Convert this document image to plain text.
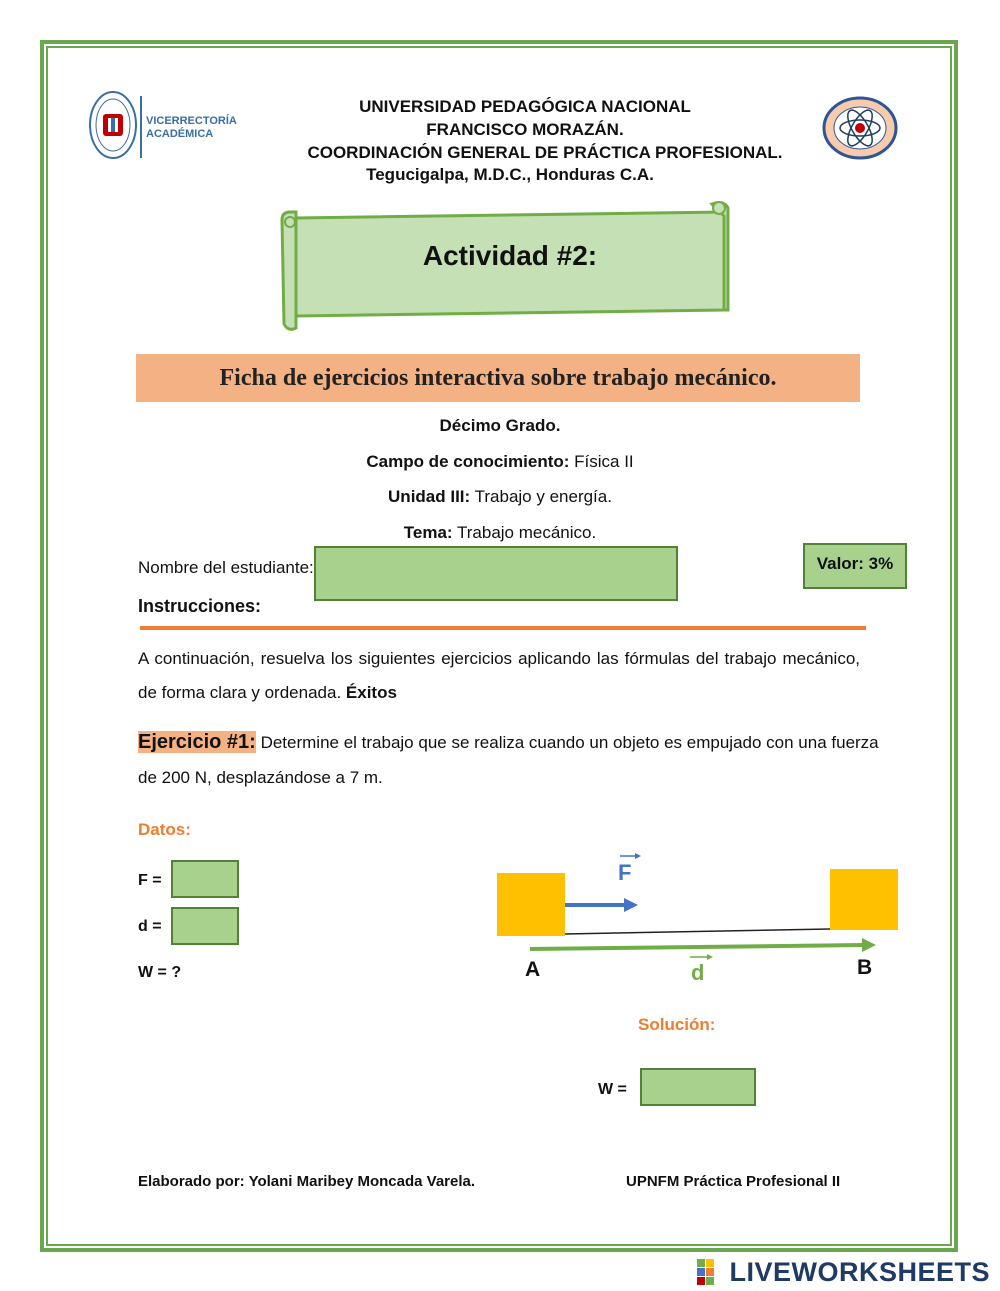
VICERRECTORÍA
ACADÉMICA
UNIVERSIDAD PEDAGÓGICA NACIONAL
FRANCISCO MORAZÁN.
COORDINACIÓN GENERAL DE PRÁCTICA PROFESIONAL.
Tegucigalpa, M.D.C., Honduras C.A.
Actividad #2:
Ficha de ejercicios interactiva sobre trabajo mecánico.
Décimo Grado.
Campo de conocimiento: Física II
Unidad III: Trabajo y energía.
Tema: Trabajo mecánico.
Nombre del estudiante:	Valor: 3%
Instrucciones:
A continuación, resuelva los siguientes ejercicios aplicando las fórmulas del trabajo mecánico, de forma clara y ordenada. Éxitos
Ejercicio #1: Determine el trabajo que se realiza cuando un objeto es empujado con una fuerza
de 200 N, desplazándose a 7 m.
Datos:
F =
d =
W = ?
F
d
A	B
Solución:
W =
Elaborado por: Yolani Maribey Moncada Varela.	UPNFM Práctica Profesional II
LIVEWORKSHEETS
